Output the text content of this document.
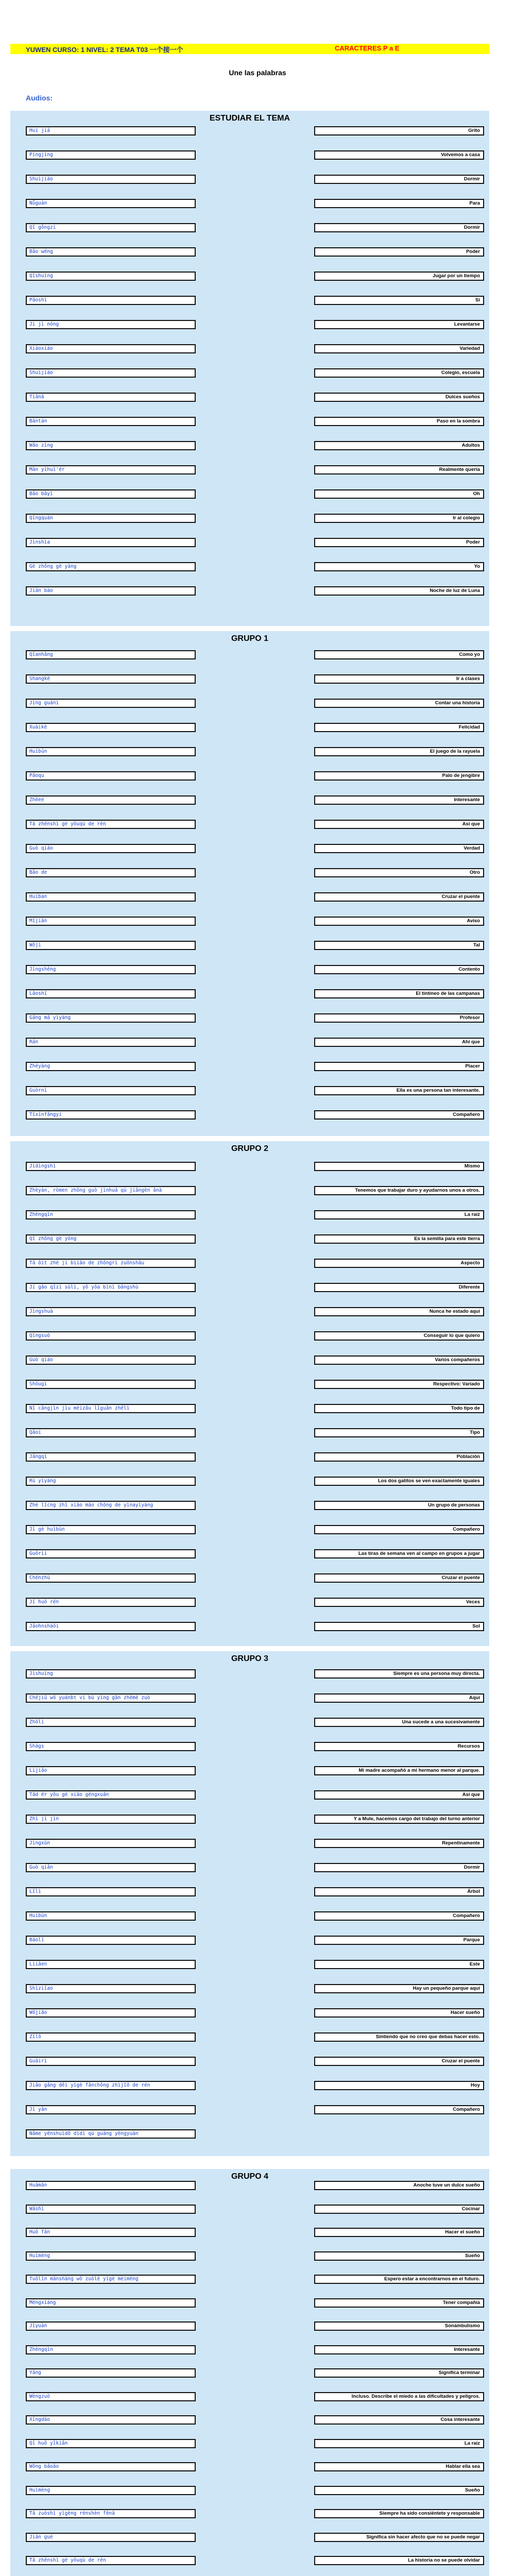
YUWEN CURSO: 1 NIVEL: 2 TEMA T03 一个接一个	CARACTERES P a E
Une las palabras
Audios:
ESTUDIAR EL TEMA
Huí jiā
Píngjìng
Shuìjiào
Nǚguàn
Qǐ gǒngzi
Bǎo wéng
Qǐshuìng
Pǎoshì
Jì jì nóng
Xiàoxiào
Shuìjiào
Tiǎnǎ
Bāntán
Wǎo zìng
Mān yìhuì'ér
Bǎo bǎyī
Qīngquán
Jìnshìa
Gè zhǒng gè yàng
Jiān bào
Grito
Volvemos a casa
Dormir
Para
Dormir
Poder
Jugar por un tiempo
Si
Levantarse
Variedad
Colegio, escuela
Dulces sueños
Paso en la sombra
Adultos
Realmente quería
Oh
Ir al colegio
Poder
Yo
Noche de luz de Luna
GRUPO 1
Qīanhǎng
Shangkè
Jìng guānì
Xuàikè
Huíbūn
Pǎoqu
Zhèee
Tā zhēnshì gè yǒuqù de rén
Guò qiáo
Bǎo de
Huíban
Mǐjiǎn
Wǒjì
Jìngshēng
Lǎoshī
Gǎng mǎ yìyàng
Rān
Zhèyàng
Guòrnì
Tǐxīnfǎngyí
Como yo
Ir a clases
Contar una historia
Felicidad
El juego de la rayuela
Palo de jengibre
Interesante
Así que
Verdad
Otro
Cruzar el puente
Aviso
Tal
Contento
El tintineo de las campanas
Profesor
Ahí que
Placer
Ella es una persona tan interesante.
Compañero
GRUPO 2
Jìdìngshì
Zhèyàn, ròmen zhōng guò jìnhuā qù jiāngèn ǎnà
Zhèngqìn
Qǐ zhǒng gè yòng
Tā ǒit zhè ji bìiǎo de zhǒngrì zuǒnshǎu
Jí gǎo qǐzì sùlì, yǒ yǒa bìnì bāngshù
Jìngshuà
Qìngsuó
Guò qiáo
Shǒugì
Nǐ cāngjìn jìu mèizǎu lǐguǎn zhēlì
Qǎoi
Jǎngqì
Rù yìyàng
Zhè lǐcng zhī xiǎo mǎo chōng de yìnayìyàng
Jì gè huìbùn
Guōrìi
Chénzhù
Jǐ huō rén
Jǎohnshàǒi
Mismo
Tenemos que trabajar duro y ayudarnos unos a otros.
La raíz
Es la semilla para este tierra
Aspecto
Diferente
Nunca he estado aquí
Conseguir lo que quiero
Varios compañeros
Respectivo: Variado
Todo tipo de
Tipo
Población
Los dos gatitos se ven exactamente iguales
Un grupo de personas
Compañero
Las tiras de semana ven al campo en grupos a jugar
Cruzar el puente
Veces
Sol
GRUPO 3
Jìshuìng
Chējiǔ wǒ yuánbt ví bù yìng gǎn zhèmè zuò
Zhǒlì
Shàgs
Lìjiǎo
Tǎd ér yǒu gè xiǎo gēngxuǎn
Zhì jī jìn
Jìngxūn
Guò qiǎn
Lǐlì
Huíbūn
Bǎolǐ
Lìiǎen
Shìziǐao
Wǒjiǎo
Zīlǒ
Guāirì
Jiǎo gǎng dēi yìgè fǎnchǒng zhìjǐǒ de rén
Jì yǎn
Nǎme yěnshuìdǒ dìdì qù guāng yèngyuàn
Siempre es una persona muy directa.
Aquí
Una sucede a una sucesivamente
Recursos
Mi madre acompañó a mi hermano menor al parque.
Así que
Y a Mule, hacemos cargo del trabajo del turno anterior
Repentinamente
Dormir
Árbol
Compañero
Parque
Este
Hay un pequeño parque aquí
Hacer sueño
Sintiendo que no creo que debas hacer esto.
Cruzar el puente
Hoy
Compañero
GRUPO 4
Huāmǎn
Wǎshì
Huǒ fān
Huìmèng
Tuǒlǐn mǎnshàng wǒ zuòlè yīgè mèimèng
Mèngxìáng
Jǐyuàn
Zhèngqìn
Yǎng
Wèngzuò
Xīngdào
Qǐ huō yǐkiǎn
Wǒng bǎoāo
Huìmèng
Tā zuòshì yìgèng rénshèn fēnā
Jiǎn guè
Tā zhēnshì gè yǒuqù de rén
Anoche tuve un dulce sueño
Cocinar
Hacer el sueño
Sueño
Espero estar a encontrarnos en el futuro.
Tener compañía
Sonámbulismo
Interesante
Significa terminar
Incluso. Describe el miedo a las dificultades y peligros.
Cosa interesante
La raíz
Hablar ella sea
Sueño
Siempre ha sido consiéntete y responsable
Significa sin hacer afecto que no se puede negar
La historia no se puede olvidar
